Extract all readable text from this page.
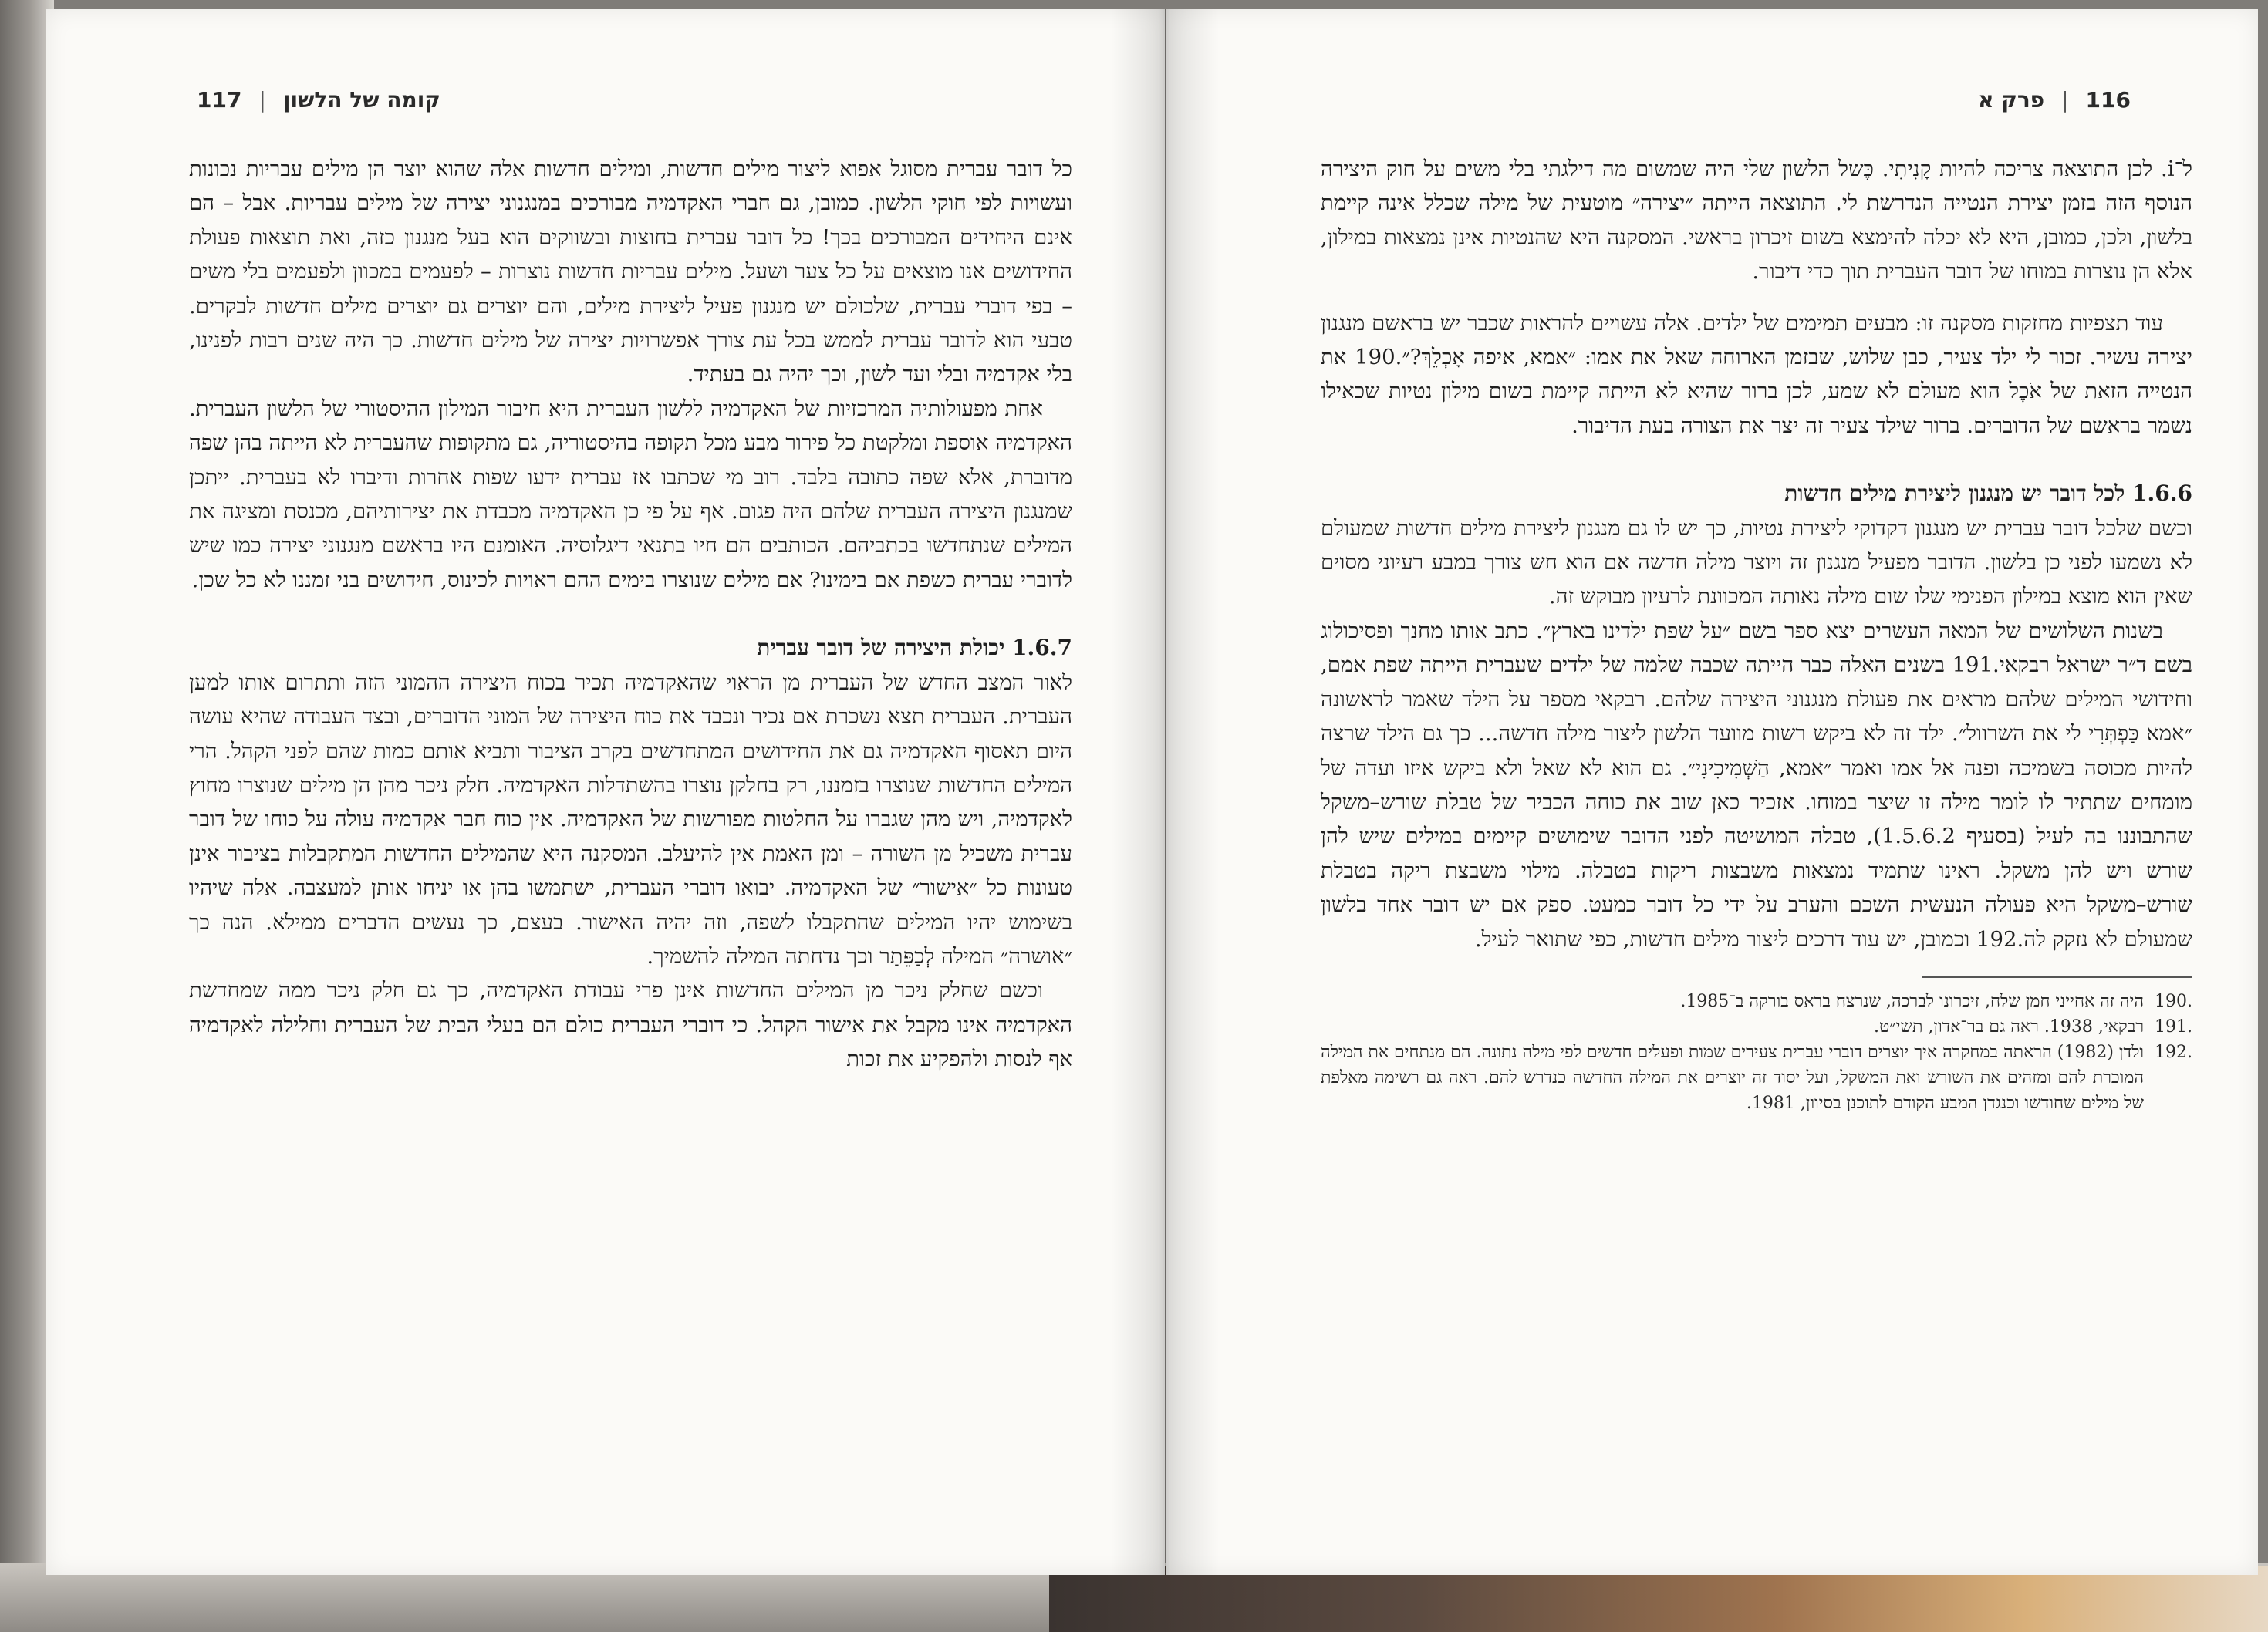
117 | קומה של הלשון

כל דובר עברית מסוגל אפוא ליצור מילים חדשות, ומילים חדשות אלה שהוא יוצר הן מילים עבריות נכונות ועשויות לפי חוקי הלשון. כמובן, גם חברי האקדמיה מבורכים במנגנוני יצירה של מילים עבריות. אבל – הם אינם היחידים המבורכים בכך! כל דובר עברית בחוצות ובשווקים הוא בעל מנגנון כזה, ואת תוצאות פעולת החידושים אנו מוצאים על כל צער ושעל. מילים עבריות חדשות נוצרות – לפעמים במכוון ולפעמים בלי משים – בפי דוברי עברית, שלכולם יש מנגנון פעיל ליצירת מילים, והם יוצרים גם יוצרים מילים חדשות לבקרים. טבעי הוא לדובר עברית לממש בכל עת צורך אפשרויות יצירה של מילים חדשות. כך היה שנים רבות לפנינו, בלי אקדמיה ובלי ועד לשון, וכך יהיה גם בעתיד.

אחת מפעולותיה המרכזיות של האקדמיה ללשון העברית היא חיבור המילון ההיסטורי של הלשון העברית. האקדמיה אוספת ומלקטת כל פירור מבע מכל תקופה בהיסטוריה, גם מתקופות שהעברית לא הייתה בהן שפה מדוברת, אלא שפה כתובה בלבד. רוב מי שכתבו אז עברית ידעו שפות אחרות ודיברו לא בעברית. ייתכן שמנגנון היצירה העברית שלהם היה פגום. אף על פי כן האקדמיה מכבדת את יצירותיהם, מכנסת ומציגה את המילים שנתחדשו בכתביהם. הכותבים הם חיו בתנאי דיגלוסיה. האומנם היו בראשם מנגנוני יצירה כמו שיש לדוברי עברית כשפת אם בימינו? אם מילים שנוצרו בימים ההם ראויות לכינוס, חידושים בני זמננו לא כל שכן.

1.6.7 יכולת היצירה של דובר עברית

לאור המצב החדש של העברית מן הראוי שהאקדמיה תכיר בכוח היצירה ההמוני הזה ותתרום אותו למען העברית. העברית תצא נשכרת אם נכיר ונכבד את כוח היצירה של המוני הדוברים, ובצד העבודה שהיא עושה היום תאסוף האקדמיה גם את החידושים המתחדשים בקרב הציבור ותביא אותם כמות שהם לפני הקהל. הרי המילים החדשות שנוצרו בזמננו, רק בחלקן נוצרו בהשתדלות האקדמיה. חלק ניכר מהן הן מילים שנוצרו מחוץ לאקדמיה, ויש מהן שגברו על החלטות מפורשות של האקדמיה. אין כוח חבר אקדמיה עולה על כוחו של דובר עברית משכיל מן השורה – ומן האמת אין להיעלב. המסקנה היא שהמילים החדשות המתקבלות בציבור אינן טעונות כל ״אישור״ של האקדמיה. יבואו דוברי העברית, ישתמשו בהן או יניחו אותן למעצבה. אלה שיהיו בשימוש יהיו המילים שהתקבלו לשפה, וזה יהיה האישור. בעצם, כך נעשים הדברים ממילא. הנה כך ״אושרה״ המילה לְכַפֵּתַר וכך נדחתה המילה להשמיך.

וכשם שחלק ניכר מן המילים החדשות אינן פרי עבודת האקדמיה, כך גם חלק ניכר ממה שמחדשת האקדמיה אינו מקבל את אישור הקהל. כי דוברי העברית כולם הם בעלי הבית של העברית וחלילה לאקדמיה אף לנסות ולהפקיע את זכות

116
|
פרק א

ל־i. לכן התוצאה צריכה להיות קָנִיתִי. כֶּשל הלשון שלי היה שמשום מה דילגתי בלי משים על חוק היצירה הנוסף הזה בזמן יצירת הנטייה הנדרשת לי. התוצאה הייתה ״יצירה״ מוטעית של מילה שכלל אינה קיימת בלשון, ולכן, כמובן, היא לא יכלה להימצא בשום זיכרון בראשי. המסקנה היא שהנטיות אינן נמצאות במילון, אלא הן נוצרות במוחו של דובר העברית תוך כדי דיבור.

עוד תצפיות מחזקות מסקנה זו: מבעים תמימים של ילדים. אלה עשויים להראות שכבר יש בראשם מנגנון יצירה עשיר. זכור לי ילד צעיר, כבן שלוש, שבזמן הארוחה שאל את אמו: ״אמא, איפה אָכְלֵךְ?״.190 את הנטייה הזאת של אֹכֶל הוא מעולם לא שמע, לכן ברור שהיא לא הייתה קיימת בשום מילון נטיות שכאילו נשמר בראשם של הדוברים. ברור שילד צעיר זה יצר את הצורה בעת הדיבור.

1.6.6 לכל דובר יש מנגנון ליצירת מילים חדשות

וכשם שלכל דובר עברית יש מנגנון דקדוקי ליצירת נטיות, כך יש לו גם מנגנון ליצירת מילים חדשות שמעולם לא נשמעו לפני כן בלשון. הדובר מפעיל מנגנון זה ויוצר מילה חדשה אם הוא חש צורך במבע רעיוני מסוים שאין הוא מוצא במילון הפנימי שלו שום מילה נאותה המכוונת לרעיון מבוקש זה.

בשנות השלושים של המאה העשרים יצא ספר בשם ״על שפת ילדינו בארץ״. כתב אותו מחנך ופסיכולוג בשם ד״ר ישראל רבקאי.191 בשנים האלה כבר הייתה שכבה שלמה של ילדים שעברית הייתה שפת אמם, וחידושי המילים שלהם מראים את פעולת מנגנוני היצירה שלהם. רבקאי מספר על הילד שאמר לראשונה ״אמא כַּפְתְּרִי לי את השרוול״. ילד זה לא ביקש רשות מוועד הלשון ליצור מילה חדשה... כך גם הילד שרצה להיות מכוסה בשמיכה ופנה אל אמו ואמר ״אמא, הַשְׁמִיכִינִי״. גם הוא לא שאל ולא ביקש איזו ועדה של מומחים שתתיר לו לומר מילה זו שיצר במוחו. אזכיר כאן שוב את כוחה הכביר של טבלת שורש–משקל שהתבוננו בה לעיל (בסעיף 1.5.6.2), טבלה המושיטה לפני הדובר שימושים קיימים במילים שיש להן שורש ויש להן משקל. ראינו שתמיד נמצאות משבצות ריקות בטבלה. מילוי משבצת ריקה בטבלת שורש–משקל היא פעולה הנעשית השכם והערב על ידי כל דובר כמעט. ספק אם יש דובר אחד בלשון שמעולם לא נזקק לה.192 וכמובן, יש עוד דרכים ליצור מילים חדשות, כפי שתואר לעיל.

190.
היה זה אחייני חמן שלח, זיכרונו לברכה, שנרצח בראס בורקה ב־1985.
191.
רבקאי, 1938. ראה גם בר־אדון, תשי״ט.
192.
ולדן (1982) הראתה במחקרה איך יוצרים דוברי עברית צעירים שמות ופעלים חדשים לפי מילה נתונה. הם מנתחים את המילה המוכרת להם ומזהים את השורש ואת המשקל, ועל יסוד זה יוצרים את המילה החדשה כנדרש להם. ראה גם רשימה מאלפת של מילים שחודשו וכנגדן המבע הקודם לתוכנן בסיוון, 1981.
